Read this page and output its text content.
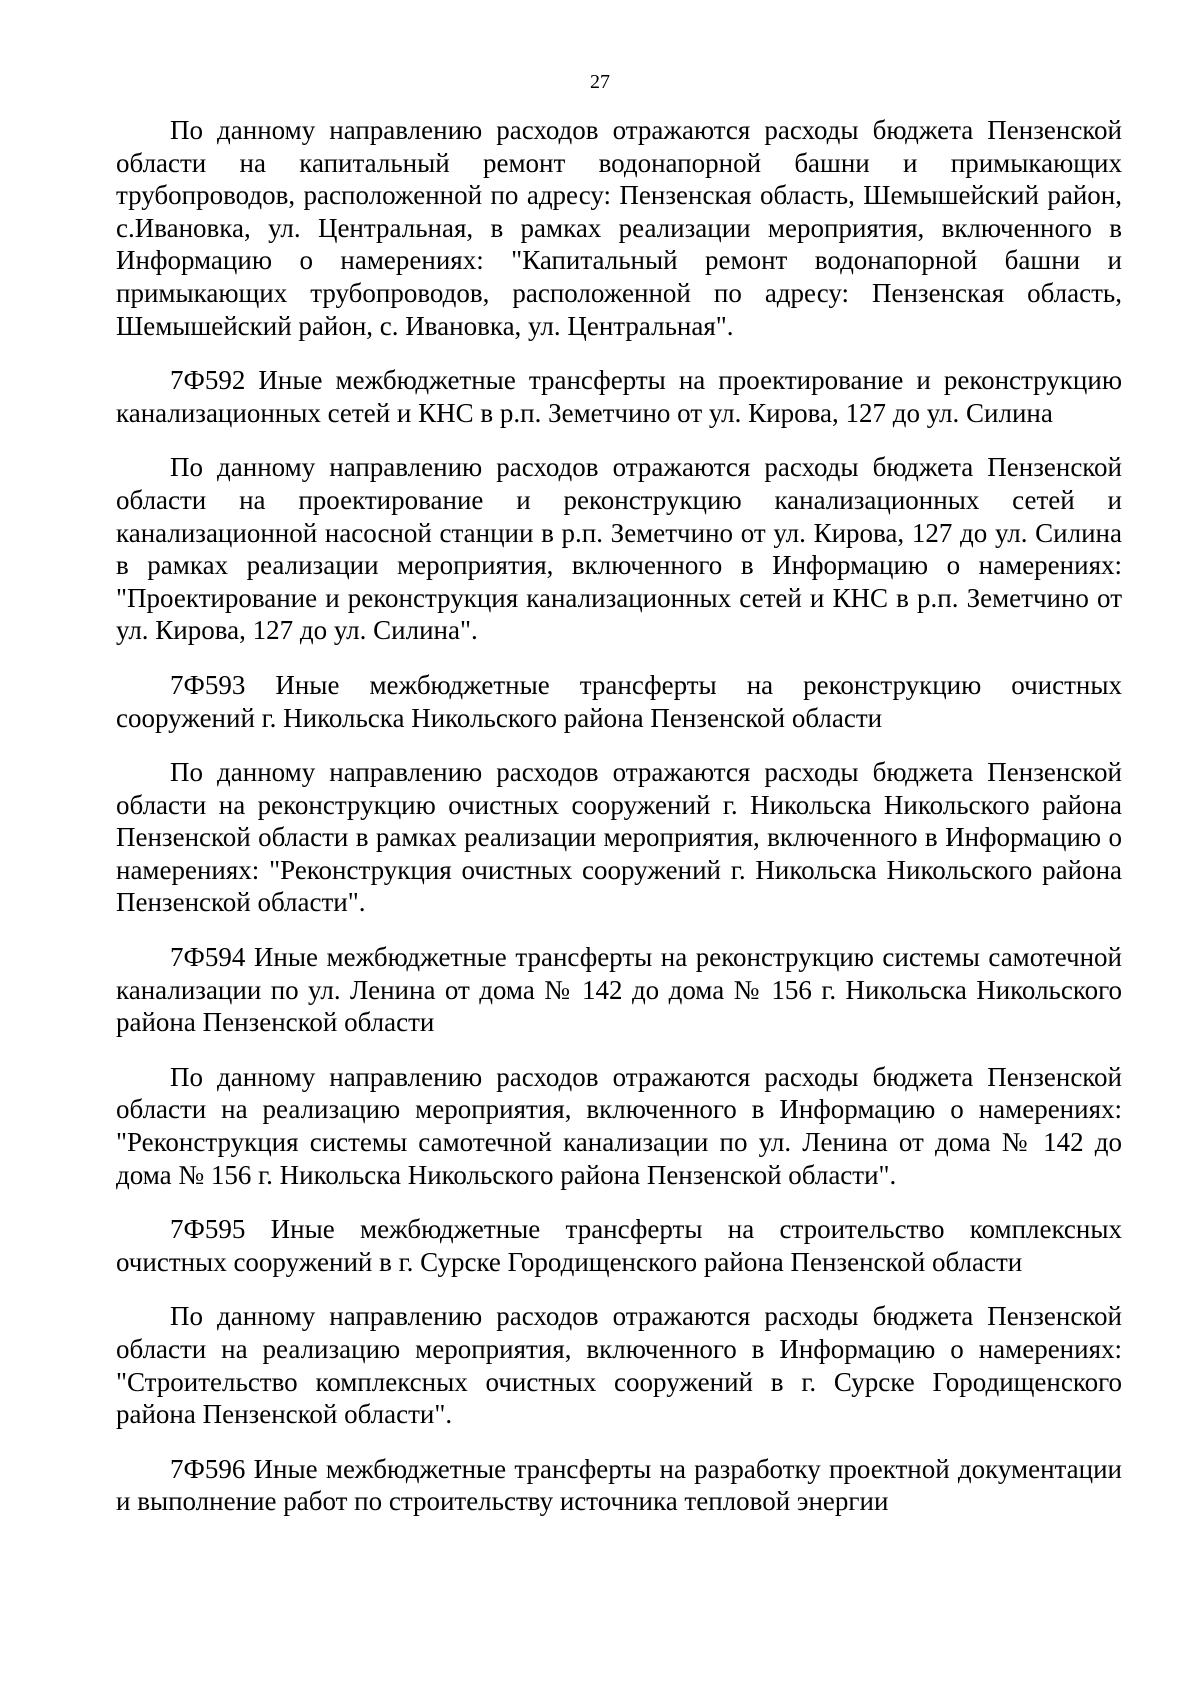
27

По данному направлению расходов отражаются расходы бюджета Пензенской области на капитальный ремонт водонапорной башни и примыкающих трубопроводов, расположенной по адресу: Пензенская область, Шемышейский район, с.Ивановка, ул. Центральная, в рамках реализации мероприятия, включенного в Информацию о намерениях: "Капитальный ремонт водонапорной башни и примыкающих трубопроводов, расположенной по адресу: Пензенская область, Шемышейский район, с. Ивановка, ул. Центральная".

7Ф592 Иные межбюджетные трансферты на проектирование и реконструкцию канализационных сетей и КНС в р.п. Земетчино от ул. Кирова, 127 до ул. Силина

По данному направлению расходов отражаются расходы бюджета Пензенской области на проектирование и реконструкцию канализационных сетей и канализационной насосной станции в р.п. Земетчино от ул. Кирова, 127 до ул. Силина в рамках реализации мероприятия, включенного в Информацию о намерениях: "Проектирование и реконструкция канализационных сетей и КНС в р.п. Земетчино от ул. Кирова, 127 до ул. Силина".

7Ф593 Иные межбюджетные трансферты на реконструкцию очистных сооружений г. Никольска Никольского района Пензенской области

По данному направлению расходов отражаются расходы бюджета Пензенской области на реконструкцию очистных сооружений г. Никольска Никольского района Пензенской области в рамках реализации мероприятия, включенного в Информацию о намерениях: "Реконструкция очистных сооружений г. Никольска Никольского района Пензенской области".

7Ф594 Иные межбюджетные трансферты на реконструкцию системы самотечной канализации по ул. Ленина от дома № 142 до дома № 156 г. Никольска Никольского района Пензенской области

По данному направлению расходов отражаются расходы бюджета Пензенской области на реализацию мероприятия, включенного в Информацию о намерениях: "Реконструкция системы самотечной канализации по ул. Ленина от дома № 142 до дома № 156 г. Никольска Никольского района Пензенской области".

7Ф595 Иные межбюджетные трансферты на строительство комплексных очистных сооружений в г. Сурске Городищенского района Пензенской области

По данному направлению расходов отражаются расходы бюджета Пензенской области на реализацию мероприятия, включенного в Информацию о намерениях: "Строительство комплексных очистных сооружений в г. Сурске Городищенского района Пензенской области".

7Ф596 Иные межбюджетные трансферты на разработку проектной документации и выполнение работ по строительству источника тепловой энергии
